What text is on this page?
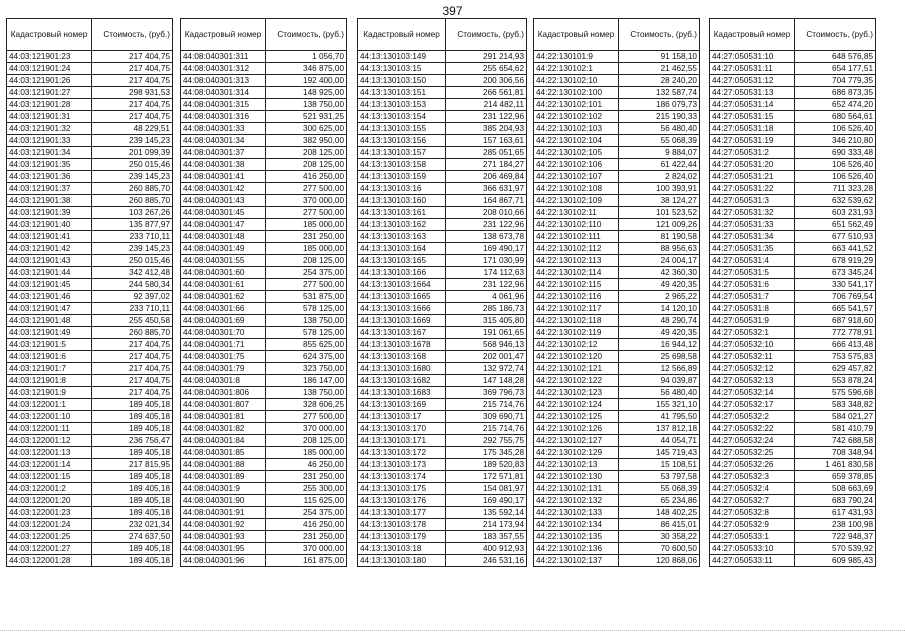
397
Кадастровый номер	Стоимость, (руб.)
44:03:121901:23	217 404,75
44:03:121901:24	217 404,75
44:03:121901:26	217 404,75
44:03:121901:27	298 931,53
44:03:121901:28	217 404,75
44:03:121901:31	217 404,75
44:03:121901:32	48 229,51
44:03:121901:33	239 145,23
44:03:121901:34	201 099,39
44:03:121901:35	250 015,46
44:03:121901:36	239 145,23
44:03:121901:37	260 885,70
44:03:121901:38	260 885,70
44:03:121901:39	103 267,26
44:03:121901:40	135 877,97
44:03:121901:41	233 710,11
44:03:121901:42	239 145,23
44:03:121901:43	250 015,46
44:03:121901:44	342 412,48
44:03:121901:45	244 580,34
44:03:121901:46	92 397,02
44:03:121901:47	233 710,11
44:03:121901:48	255 450,58
44:03:121901:49	260 885,70
44:03:121901:5	217 404,75
44:03:121901:6	217 404,75
44:03:121901:7	217 404,75
44:03:121901:8	217 404,75
44:03:121901:9	217 404,75
44:03:122001:1	189 405,18
44:03:122001:10	189 405,18
44:03:122001:11	189 405,18
44:03:122001:12	236 756,47
44:03:122001:13	189 405,18
44:03:122001:14	217 815,95
44:03:122001:15	189 405,18
44:03:122001:2	189 405,18
44:03:122001:20	189 405,18
44:03:122001:23	189 405,18
44:03:122001:24	232 021,34
44:03:122001:25	274 637,50
44:03:122001:27	189 405,18
44:03:122001:28	189 405,18
Кадастровый номер	Стоимость, (руб.)
44:08:040301:311	1 056,70
44:08:040301:312	346 875,00
44:08:040301:313	192 400,00
44:08:040301:314	148 925,00
44:08:040301:315	138 750,00
44:08:040301:316	521 931,25
44:08:040301:33	300 625,00
44:08:040301:34	382 950,00
44:08:040301:37	208 125,00
44:08:040301:38	208 125,00
44:08:040301:41	416 250,00
44:08:040301:42	277 500,00
44:08:040301:43	370 000,00
44:08:040301:45	277 500,00
44:08:040301:47	185 000,00
44:08:040301:48	231 250,00
44:08:040301:49	185 000,00
44:08:040301:55	208 125,00
44:08:040301:60	254 375,00
44:08:040301:61	277 500,00
44:08:040301:62	531 875,00
44:08:040301:66	578 125,00
44:08:040301:69	138 750,00
44:08:040301:70	578 125,00
44:08:040301:71	855 625,00
44:08:040301:75	624 375,00
44:08:040301:79	323 750,00
44:08:040301:8	186 147,00
44:08:040301:806	138 750,00
44:08:040301:807	328 606,25
44:08:040301:81	277 500,00
44:08:040301:82	370 000,00
44:08:040301:84	208 125,00
44:08:040301:85	185 000,00
44:08:040301:88	46 250,00
44:08:040301:89	231 250,00
44:08:040301:9	255 300,00
44:08:040301:90	115 625,00
44:08:040301:91	254 375,00
44:08:040301:92	416 250,00
44:08:040301:93	231 250,00
44:08:040301:95	370 000,00
44:08:040301:96	161 875,00
Кадастровый номер	Стоимость, (руб.)
44:13:130103:149	291 214,93
44:13:130103:15	255 654,62
44:13:130103:150	200 306,56
44:13:130103:151	266 561,81
44:13:130103:153	214 482,11
44:13:130103:154	231 122,96
44:13:130103:155	385 204,93
44:13:130103:156	157 163,61
44:13:130103:157	285 051,65
44:13:130103:158	271 184,27
44:13:130103:159	206 469,84
44:13:130103:16	366 631,97
44:13:130103:160	164 867,71
44:13:130103:161	208 010,66
44:13:130103:162	231 122,96
44:13:130103:163	138 673,78
44:13:130103:164	169 490,17
44:13:130103:165	171 030,99
44:13:130103:166	174 112,63
44:13:130103:1664	231 122,96
44:13:130103:1665	4 061,96
44:13:130103:1666	285 186,73
44:13:130103:1669	315 405,80
44:13:130103:167	191 061,65
44:13:130103:1678	568 946,13
44:13:130103:168	202 001,47
44:13:130103:1680	132 972,74
44:13:130103:1682	147 148,28
44:13:130103:1683	369 796,73
44:13:130103:169	215 714,76
44:13:130103:17	309 690,71
44:13:130103:170	215 714,76
44:13:130103:171	292 755,75
44:13:130103:172	175 345,28
44:13:130103:173	189 520,83
44:13:130103:174	172 571,81
44:13:130103:175	154 081,97
44:13:130103:176	169 490,17
44:13:130103:177	135 592,14
44:13:130103:178	214 173,94
44:13:130103:179	183 357,55
44:13:130103:18	400 912,93
44:13:130103:180	246 531,16
Кадастровый номер	Стоимость, (руб.)
44:22:130101:9	91 158,10
44:22:130102:1	21 462,55
44:22:130102:10	28 240,20
44:22:130102:100	132 587,74
44:22:130102:101	186 079,73
44:22:130102:102	215 190,33
44:22:130102:103	56 480,40
44:22:130102:104	55 068,39
44:22:130102:105	9 884,07
44:22:130102:106	61 422,44
44:22:130102:107	2 824,02
44:22:130102:108	100 393,91
44:22:130102:109	38 124,27
44:22:130102:11	101 523,52
44:22:130102:110	121 009,26
44:22:130102:111	81 190,58
44:22:130102:112	88 956,63
44:22:130102:113	24 004,17
44:22:130102:114	42 360,30
44:22:130102:115	49 420,35
44:22:130102:116	2 965,22
44:22:130102:117	14 120,10
44:22:130102:118	48 290,74
44:22:130102:119	49 420,35
44:22:130102:12	16 944,12
44:22:130102:120	25 698,58
44:22:130102:121	12 566,89
44:22:130102:122	94 039,87
44:22:130102:123	56 480,40
44:22:130102:124	155 321,10
44:22:130102:125	41 795,50
44:22:130102:126	137 812,18
44:22:130102:127	44 054,71
44:22:130102:129	145 719,43
44:22:130102:13	15 108,51
44:22:130102:130	53 797,58
44:22:130102:131	55 068,39
44:22:130102:132	65 234,86
44:22:130102:133	148 402,25
44:22:130102:134	86 415,01
44:22:130102:135	30 358,22
44:22:130102:136	70 600,50
44:22:130102:137	120 868,06
Кадастровый номер	Стоимость, (руб.)
44:27:050531:10	648 576,85
44:27:050531:11	654 177,51
44:27:050531:12	704 779,35
44:27:050531:13	686 873,35
44:27:050531:14	652 474,20
44:27:050531:15	680 564,61
44:27:050531:18	106 526,40
44:27:050531:19	346 210,80
44:27:050531:2	690 333,48
44:27:050531:20	106 526,40
44:27:050531:21	106 526,40
44:27:050531:22	711 323,28
44:27:050531:3	632 539,62
44:27:050531:32	603 231,93
44:27:050531:33	651 562,49
44:27:050531:34	677 510,93
44:27:050531:35	663 441,52
44:27:050531:4	678 919,29
44:27:050531:5	673 345,24
44:27:050531:6	330 541,17
44:27:050531:7	706 769,54
44:27:050531:8	665 541,57
44:27:050531:9	687 918,60
44:27:050532:1	772 778,91
44:27:050532:10	666 413,48
44:27:050532:11	753 575,83
44:27:050532:12	629 457,82
44:27:050532:13	553 878,24
44:27:050532:14	575 596,68
44:27:050532:17	583 348,82
44:27:050532:2	584 021,27
44:27:050532:22	581 410,79
44:27:050532:24	742 688,58
44:27:050532:25	708 348,94
44:27:050532:26	1 461 830,58
44:27:050532:3	659 378,85
44:27:050532:4	508 663,69
44:27:050532:7	683 790,24
44:27:050532:8	617 431,93
44:27:050532:9	238 100,98
44:27:050533:1	722 948,37
44:27:050533:10	570 539,92
44:27:050533:11	609 985,43
